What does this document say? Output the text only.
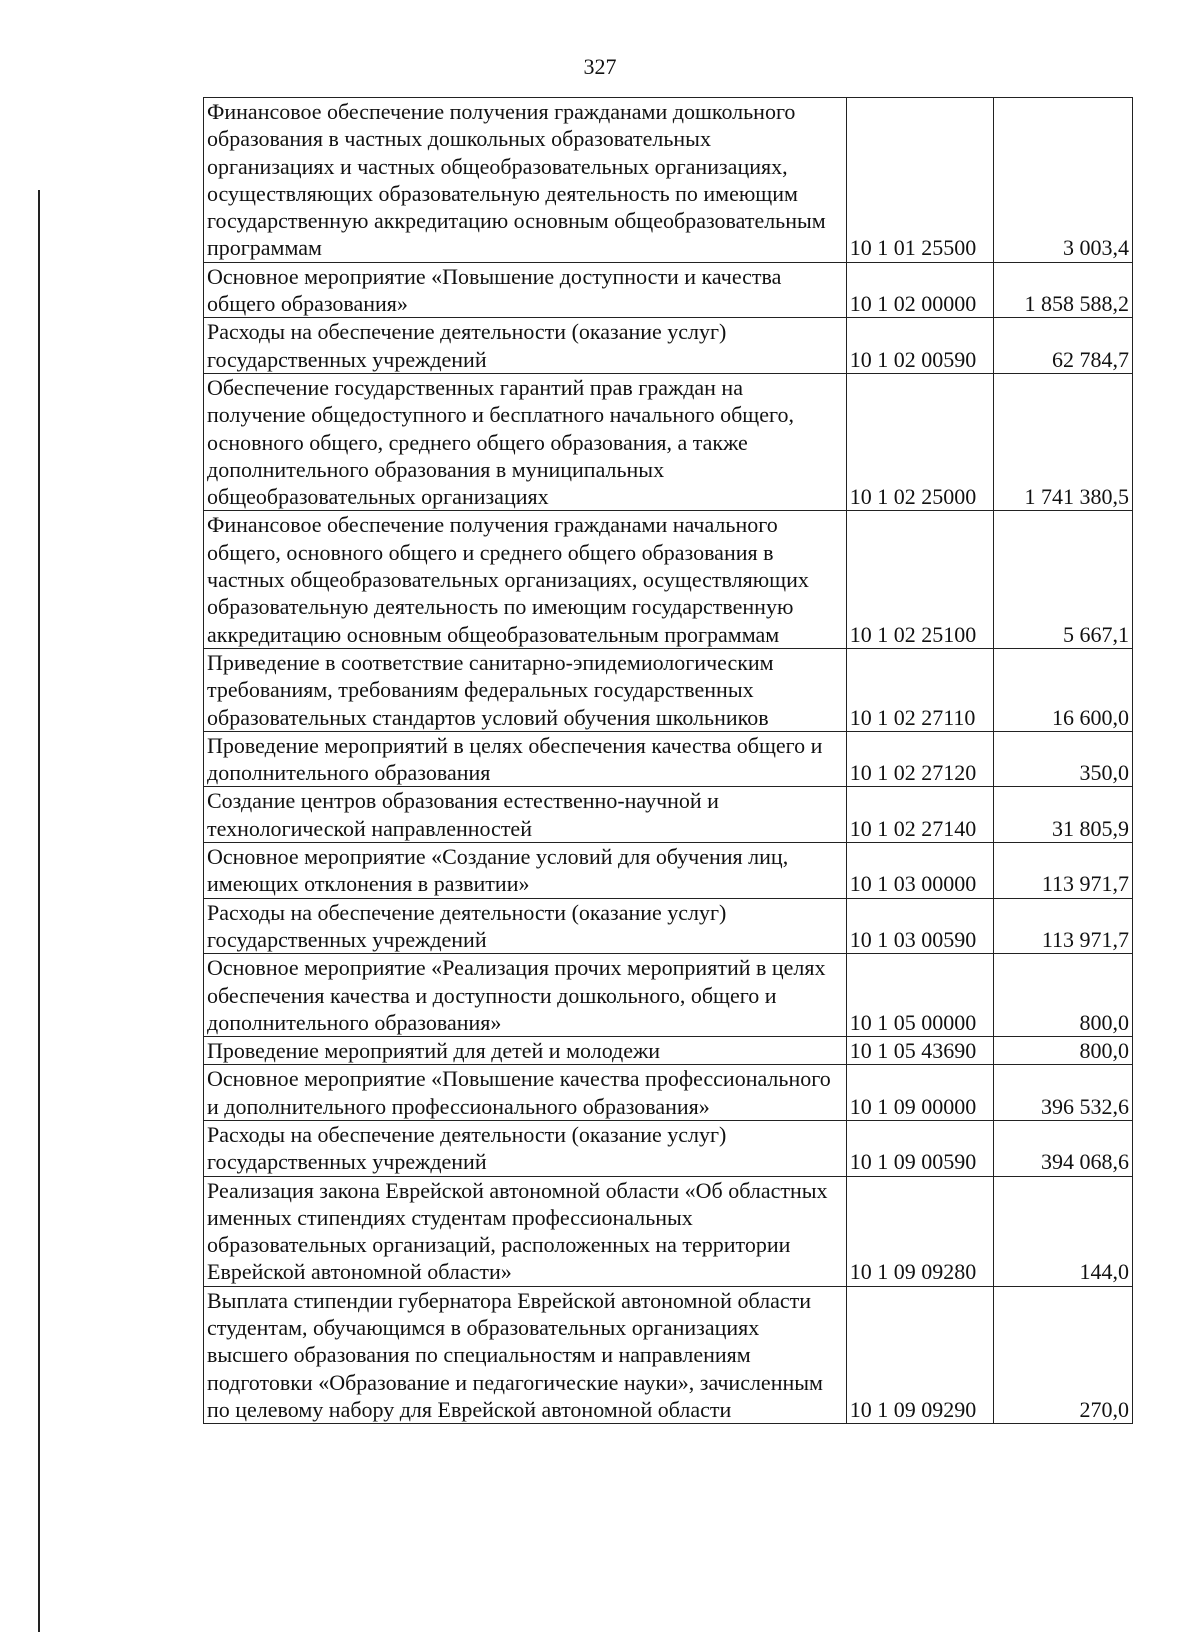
327
Финансовое обеспечение получения гражданами дошкольного образования в частных дошкольных образовательных организациях и частных общеобразовательных организациях, осуществляющих образовательную деятельность по имеющим государственную аккредитацию основным общеобразовательным программам	10 1 01 25500	3 003,4
Основное мероприятие «Повышение доступности и качества общего образования»	10 1 02 00000	1 858 588,2
Расходы на обеспечение деятельности (оказание услуг) государственных учреждений	10 1 02 00590	62 784,7
Обеспечение государственных гарантий прав граждан на получение общедоступного и бесплатного начального общего, основного общего, среднего общего образования, а также дополнительного образования в муниципальных общеобразовательных организациях	10 1 02 25000	1 741 380,5
Финансовое обеспечение получения гражданами начального общего, основного общего и среднего общего образования в частных общеобразовательных организациях, осуществляющих образовательную деятельность по имеющим государственную аккредитацию основным общеобразовательным программам	10 1 02 25100	5 667,1
Приведение в соответствие санитарно-эпидемиологическим требованиям, требованиям федеральных государственных образовательных стандартов условий обучения школьников	10 1 02 27110	16 600,0
Проведение мероприятий в целях обеспечения качества общего и дополнительного образования	10 1 02 27120	350,0
Создание центров образования естественно-научной и технологической направленностей	10 1 02 27140	31 805,9
Основное мероприятие «Создание условий для обучения лиц, имеющих отклонения в развитии»	10 1 03 00000	113 971,7
Расходы на обеспечение деятельности (оказание услуг) государственных учреждений	10 1 03 00590	113 971,7
Основное мероприятие «Реализация прочих мероприятий в целях обеспечения качества и доступности дошкольного, общего и дополнительного образования»	10 1 05 00000	800,0
Проведение мероприятий для детей и молодежи	10 1 05 43690	800,0
Основное мероприятие «Повышение качества профессионального и дополнительного профессионального образования»	10 1 09 00000	396 532,6
Расходы на обеспечение деятельности (оказание услуг) государственных учреждений	10 1 09 00590	394 068,6
Реализация закона Еврейской автономной области «Об областных именных стипендиях студентам профессиональных образовательных организаций, расположенных на территории Еврейской автономной области»	10 1 09 09280	144,0
Выплата стипендии губернатора Еврейской автономной области студентам, обучающимся в образовательных организациях высшего образования по специальностям и направлениям подготовки «Образование и педагогические науки», зачисленным по целевому набору для Еврейской автономной области	10 1 09 09290	270,0
